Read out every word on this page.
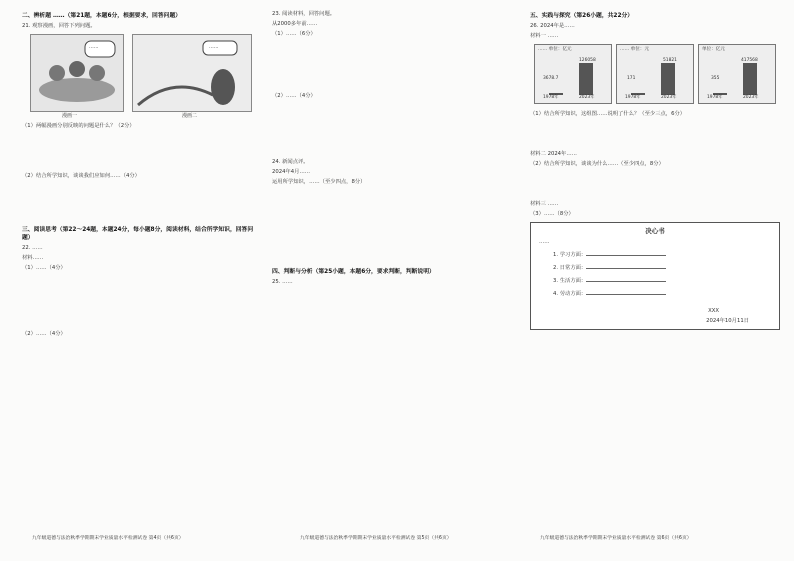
二、辨析题 ……（第21题，本题6分，根据要求，回答问题）
21. 观察漫画，回答下列问题。
……	……
漫画一	漫画二
（1）两幅漫画分别反映的问题是什么？（2分）
（2）结合所学知识，谈谈我们应如何……（4分）
三、阅读思考（第22～24题，本题24分，每小题8分，阅读材料，结合所学知识，回答问题）
22. ……
材料……
（1）……（4分）
（2）……（4分）
23. 阅读材料，回答问题。
从2000多年前……
（1）……（6分）
（2）……（4分）
24. 新闻点评。
2024年4月……
运用所学知识，……（至少四点，8分）
四、判断与分析（第25小题，本题6分，要求判断，判断说明）
25. ……
五、实践与探究（第26小题，共22分）
26. 2024年是……
材料一 ……
…… 单位：亿元
3678.7
126058
1978年	2023年
…… 单位：元
171
51821
1978年	2023年
单位：亿元
355
417568
1978年	2023年
（1）结合所学知识，这组图……说明了什么？（至少三点，6分）
材料二 2024年……
（2）结合所学知识，谈谈为什么……（至少四点，8分）
材料三 ……
（3）……（8分）
决心书
……
1. 学习方面：
2. 日常方面：
3. 生活方面：
4. 劳动方面：
XXX
2024年10月11日
九年级道德与法治秋季学期期末学业质量水平检测试卷 第4页（共6页）	九年级道德与法治秋季学期期末学业质量水平检测试卷 第5页（共6页）	九年级道德与法治秋季学期期末学业质量水平检测试卷 第6页（共6页）
